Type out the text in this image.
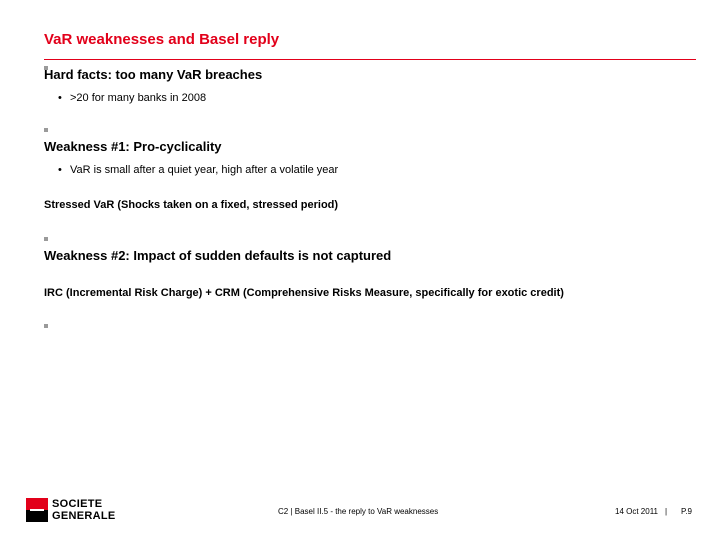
VaR weaknesses and Basel reply
Hard facts: too many VaR breaches
• >20 for many banks in 2008
Weakness #1: Pro-cyclicality
• VaR is small after a quiet year, high after a volatile year
Stressed VaR (Shocks taken on a fixed, stressed period)
Weakness #2: Impact of sudden defaults is not captured
IRC (Incremental Risk Charge) + CRM (Comprehensive Risks Measure, specifically for exotic credit)
SOCIETE
GENERALE	C2 | Basel II.5 - the reply to VaR weaknesses	14 Oct 2011 | P.9
